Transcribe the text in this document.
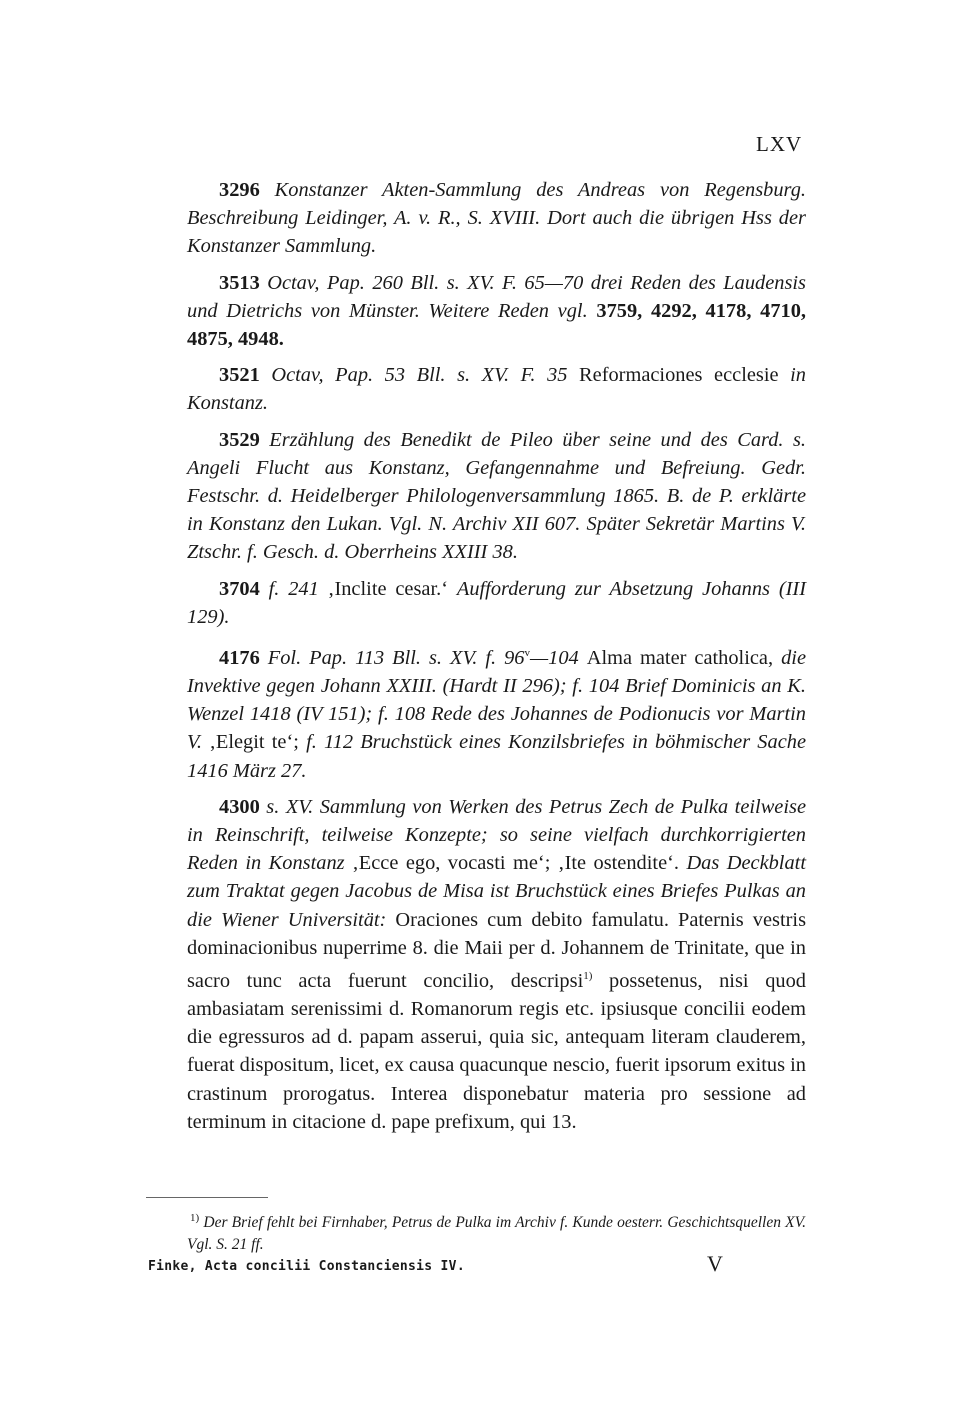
LXV

3296 Konstanzer Akten-Sammlung des Andreas von Regensburg. Beschreibung Leidinger, A. v. R., S. XVIII. Dort auch die übrigen Hss der Konstanzer Sammlung.

3513 Octav, Pap. 260 Bll. s. XV. F. 65—70 drei Reden des Laudensis und Dietrichs von Münster. Weitere Reden vgl. 3759, 4292, 4178, 4710, 4875, 4948.

3521 Octav, Pap. 53 Bll. s. XV. F. 35 Reformaciones ecclesie in Konstanz.

3529 Erzählung des Benedikt de Pileo über seine und des Card. s. Angeli Flucht aus Konstanz, Gefangennahme und Befreiung. Gedr. Festschr. d. Heidelberger Philologenversammlung 1865. B. de P. erklärte in Konstanz den Lukan. Vgl. N. Archiv XII 607. Später Sekretär Martins V. Ztschr. f. Gesch. d. Oberrheins XXIII 38.

3704 f. 241 ‚Inclite cesar.‘ Aufforderung zur Absetzung Johanns (III 129).

4176 Fol. Pap. 113 Bll. s. XV. f. 96$^v$—104 Alma mater catholica, die Invektive gegen Johann XXIII. (Hardt II 296); f. 104 Brief Dominicis an K. Wenzel 1418 (IV 151); f. 108 Rede des Johannes de Podionucis vor Martin V. ‚Elegit te‘; f. 112 Bruchstück eines Konzilsbriefes in böhmischer Sache 1416 März 27.

4300 s. XV. Sammlung von Werken des Petrus Zech de Pulka teilweise in Reinschrift, teilweise Konzepte; so seine vielfach durchkorrigierten Reden in Konstanz ‚Ecce ego, vocasti me‘; ‚Ite ostendite‘. Das Deckblatt zum Traktat gegen Jacobus de Misa ist Bruchstück eines Briefes Pulkas an die Wiener Universität: Oraciones cum debito famulatu. Paternis vestris dominacionibus nuperrime 8. die Maii per d. Johannem de Trinitate, que in sacro tunc acta fuerunt concilio, descripsi$^{1)}$ possetenus, nisi quod ambasiatam serenissimi d. Romanorum regis etc. ipsiusque concilii eodem die egressuros ad d. papam asserui, quia sic, antequam literam clauderem, fuerat dispositum, licet, ex causa quacunque nescio, fuerit ipsorum exitus in crastinum prorogatus. Interea disponebatur materia pro sessione ad terminum in citacione d. pape prefixum, qui 13.

$^{1)}$ Der Brief fehlt bei Firnhaber, Petrus de Pulka im Archiv f. Kunde oesterr. Geschichtsquellen XV. Vgl. S. 21 ff.
Finke, Acta concilii Constanciensis IV.	V
